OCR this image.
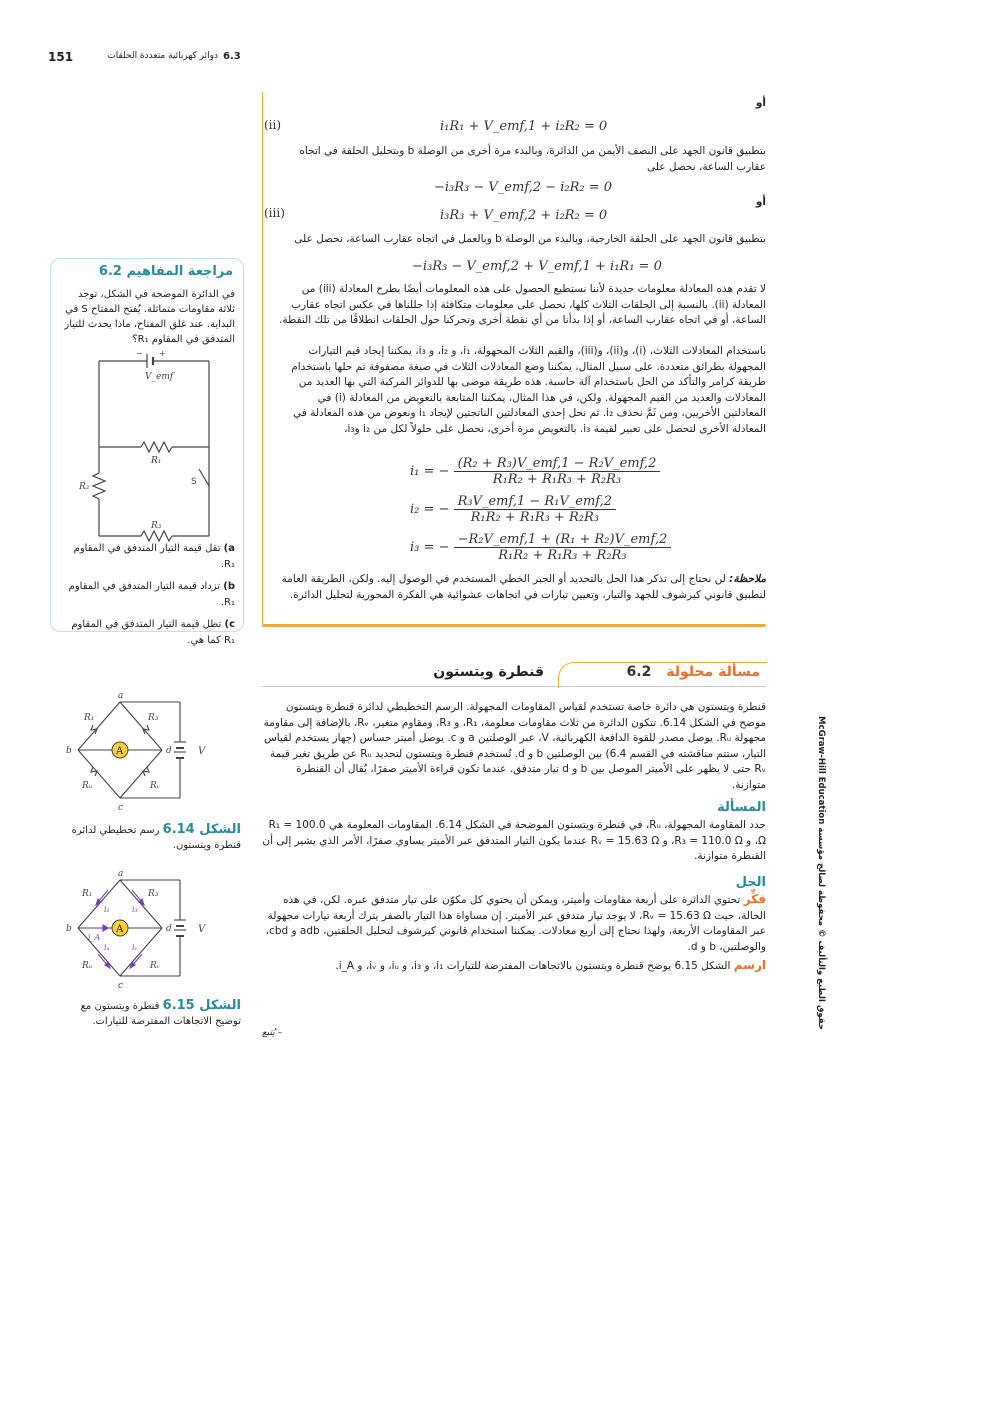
151	6.3
دوائر كهربائية متعددة الحلقات
أو
i₁R₁ + V_emf,1 + i₂R₂ = 0
(ii)
بتطبيق قانون الجهد على النصف الأيمن من الدائرة، وبالبدء مرة أخرى من الوصلة b وبتحليل الحلقة في اتجاه عقارب الساعة، نحصل على
−i₃R₃ − V_emf,2 − i₂R₂ = 0
أو
i₃R₃ + V_emf,2 + i₂R₂ = 0
(iii)
بتطبيق قانون الجهد على الحلقة الخارجية، وبالبدء من الوصلة b وبالعمل في اتجاه عقارب الساعة، نحصل على
−i₃R₃ − V_emf,2 + V_emf,1 + i₁R₁ = 0
لا تقدم هذه المعادلة معلومات جديدة لأننا نستطيع الحصول على هذه المعلومات أيضًا بطرح المعادلة (iii) من المعادلة (ii). بالنسبة إلى الحلقات الثلاث كلها، نحصل على معلومات متكافئة إذا حللناها في عكس اتجاه عقارب الساعة، أو في اتجاه عقارب الساعة، أو إذا بدأنا من أي نقطة أخرى وتحركنا حول الحلقات انطلاقًا من تلك النقطة.
باستخدام المعادلات الثلاث، (i)، و(ii)، و(iii)، والقيم الثلاث المجهولة، i₁، و i₂، و i₃، يمكننا إيجاد قيم التيارات المجهولة بطرائق متعددة. على سبيل المثال، يمكننا وضع المعادلات الثلاث في صيغة مصفوفة ثم حلها باستخدام طريقة كرامر والتأكد من الحل باستخدام آلة حاسبة. هذه طريقة موصى بها للدوائر المركبة التي بها العديد من المعادلات والعديد من القيم المجهولة. ولكن، في هذا المثال، يمكننا المتابعة بالتعويض من المعادلة (i) في المعادلتين الأخريين، ومن ثَمَّ نحذف i₂. ثم نحل إحدى المعادلتين الناتجتين لإيجاد i₁ ونعوض من هذه المعادلة في المعادلة الأخرى لتحصل على تعبير لقيمة i₃. بالتعويض مرة أخرى، نحصل على حلولاً لكل من i₂ وi₃،
i₁ = − $\frac{\text{(R₂ + R₃)V\_emf,1 − R₂V\_emf,2}}{\text{R₁R₂ + R₁R₃ + R₂R₃}}$
i₂ = − $\frac{\text{R₃V\_emf,1 − R₁V\_emf,2}}{\text{R₁R₂ + R₁R₃ + R₂R₃}}$
i₃ = − $\frac{\text{−R₂V\_emf,1 + (R₁ + R₂)V\_emf,2}}{\text{R₁R₂ + R₁R₃ + R₂R₃}}$
ملاحظة: لن نحتاج إلى تذكر هذا الحل بالتحديد أو الجبر الخطي المستخدم في الوصول إليه. ولكن، الطريقة العامة لتطبيق قانوني كيرشوف للجهد والتيار، وتعيين تيارات في اتجاهات عشوائية هي الفكرة المحورية لتحليل الدائرة.
مراجعة المفاهيم 6.2
في الدائرة الموضحة في الشكل، توجد ثلاثة مقاومات متماثلة. يُفتح المفتاح S في البداية. عند غلق المفتاح، ماذا يحدث للتيار المتدفق في المقاوم R₁؟
− +
V_emf
R₁
R₂
R₃
S
a) تقل قيمة التيار المتدفق في المقاوم R₁.
b) تزداد قيمة التيار المتدفق في المقاوم R₁.
c) تظل قيمة التيار المتدفق في المقاوم R₁ كما هي.
مسألة محلولة 6.2
قنطرة ويتستون
قنطرة ويتستون هي دائرة خاصة تستخدم لقياس المقاومات المجهولة. الرسم التخطيطي لدائرة قنطرة ويتستون موضح في الشكل 6.14. تتكون الدائرة من ثلاث مقاومات معلومة، R₁، و R₃، ومقاوم متغير، Rᵥ، بالإضافة إلى مقاومة مجهولة Rᵤ. يوصل مصدر للقوة الدافعة الكهربائية، V، عبر الوصلتين a و c. يوصل أميتر حساس (جهاز يستخدم لقياس التيار، ستتم مناقشته في القسم 6.4) بين الوصلتين b و d. تُستخدم قنطرة ويتستون لتحديد Rᵤ عن طريق تغير قيمة Rᵥ حتى لا يظهر على الأميتر الموصل بين b و d تيار متدفق. عندما تكون قراءة الأميتر صفرًا، يُقال أن القنطرة متوازنة.
المسألة
حدد المقاومة المجهولة، Rᵤ، في قنطرة ويتستون الموضحة في الشكل 6.14. المقاومات المعلومة هي R₁ = 100.0 Ω، و R₃ = 110.0 Ω، و Rᵥ = 15.63 Ω عندما يكون التيار المتدفق عبر الأميتر يساوي صفرًا، الأمر الذي يشير إلى أن القنطرة متوازنة.
الحل
فكِّر تحتوي الدائرة على أربعة مقاومات وأميتر، ويمكن أن يحتوي كل مكوّن على تيار متدفق عبره. لكن، في هذه الحالة، حيث Rᵥ = 15.63 Ω، لا يوجد تيار متدفق عبر الأميتر. إن مساواة هذا التيار بالصفر يترك أربعة تيارات مجهولة عبر المقاومات الأربعة، ولهذا نحتاج إلى أربع معادلات. يمكننا استخدام قانوني كيرشوف لتحليل الحلقتين، adb و cbd، والوصلتين، b و d.
ارسم الشكل 6.15 يوضح قنطرة ويتستون بالاتجاهات المفترضة للتيارات i₁، و i₃، و iᵤ، و iᵥ، و i_A.
– يُتبع
A
a
b
c
d
R₁	R₃
Rᵤ	Rᵥ
V
الشكل 6.14 رسم تخطيطي لدائرة قنطرة ويتستون.
A
a
b
c
d
R₁	R₃
Rᵤ	Rᵥ
V
i₁	i₃
iᵤ	iᵥ
i_A
الشكل 6.15 قنطرة ويتستون مع توضيح الاتجاهات المفترضة للتيارات.
حقوق الطبع والتأليف © محفوظة لصالح مؤسسة McGraw-Hill Education
